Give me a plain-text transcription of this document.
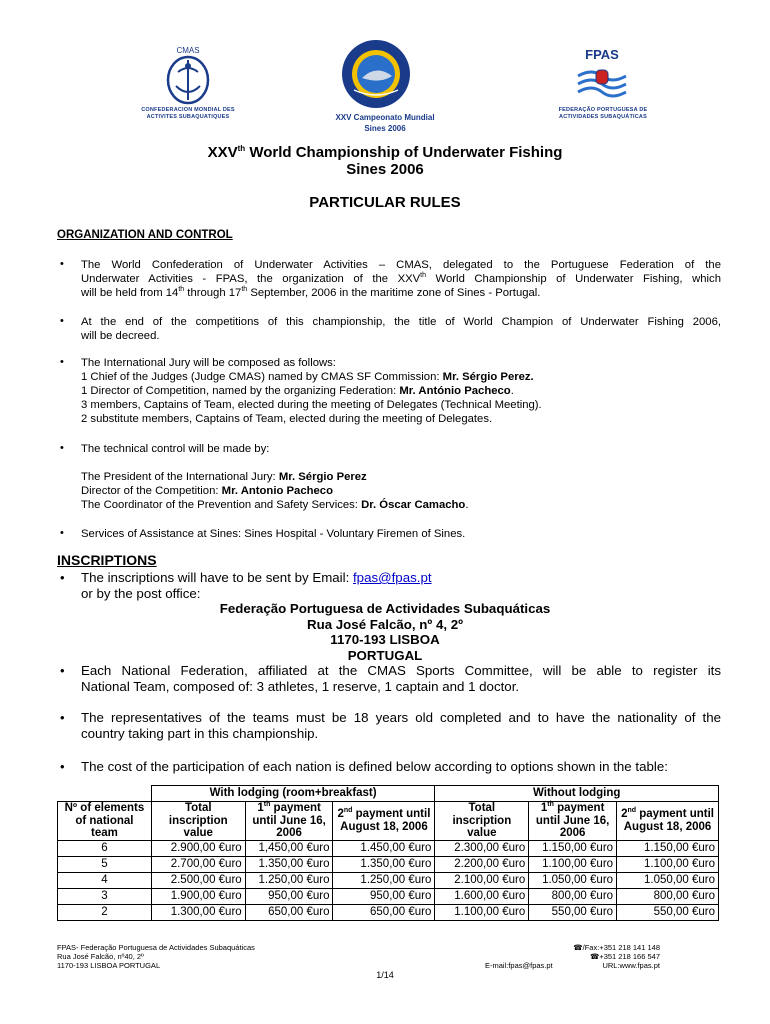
CMAS
CONFEDERACION MONDIAL DES
ACTIVITES SUBAQUATIQUES	XXV Campeonato Mundial
Sines 2006
FPAS
FEDERAÇÃO PORTUGUESA DE
ACTIVIDADES SUBAQUÁTICAS
XXVth World Championship of Underwater Fishing
Sines 2006
PARTICULAR RULES
ORGANIZATION AND CONTROL
• The World Confederation of Underwater Activities – CMAS, delegated to the Portuguese Federation of the
Underwater Activities - FPAS, the organization of the XXVth World Championship of Underwater Fishing, which
will be held from 14th through 17th September, 2006 in the maritime zone of Sines - Portugal.
• At the end of the competitions of this championship, the title of World Champion of Underwater Fishing 2006,
will be decreed.
• The International Jury will be composed as follows:
1 Chief of the Judges (Judge CMAS) named by CMAS SF Commission: Mr. Sérgio Perez.
1 Director of Competition, named by the organizing Federation: Mr. António Pacheco.
3 members, Captains of Team, elected during the meeting of Delegates (Technical Meeting).
2 substitute members, Captains of Team, elected during the meeting of Delegates.
• The technical control will be made by:
The President of the International Jury: Mr. Sérgio Perez
Director of the Competition: Mr. Antonio Pacheco
The Coordinator of the Prevention and Safety Services: Dr. Óscar Camacho.
• Services of Assistance at Sines: Sines Hospital - Voluntary Firemen of Sines.
INSCRIPTIONS
• The inscriptions will have to be sent by Email: fpas@fpas.pt
or by the post office:
Federação Portuguesa de Actividades Subaquáticas
Rua José Falcão, nº 4, 2º
1170-193 LISBOA
PORTUGAL
• Each National Federation, affiliated at the CMAS Sports Committee, will be able to register its
National Team, composed of: 3 athletes, 1 reserve, 1 captain and 1 doctor.
• The representatives of the teams must be 18 years old completed and to have the nationality of the
country taking part in this championship.
• The cost of the participation of each nation is defined below according to options shown in the table:
	With lodging (room+breakfast)			Without lodging		
Nº of elements of national team	Total inscription value	1th payment until June 16, 2006	2nd payment until August 18, 2006	Total inscription value	1th payment until June 16, 2006	2nd payment until August 18, 2006
6	2.900,00 €uro	1,450,00 €uro	1.450,00 €uro	2.300,00 €uro	1.150,00 €uro	1.150,00 €uro
5	2.700,00 €uro	1.350,00 €uro	1.350,00 €uro	2.200,00 €uro	1.100,00 €uro	1.100,00 €uro
4	2.500,00 €uro	1.250,00 €uro	1.250,00 €uro	2.100,00 €uro	1.050,00 €uro	1.050,00 €uro
3	1.900,00 €uro	950,00 €uro	950,00 €uro	1.600,00 €uro	800,00 €uro	800,00 €uro
2	1.300,00 €uro	650,00 €uro	650,00 €uro	1.100,00 €uro	550,00 €uro	550,00 €uro
FPAS- Federação Portuguesa de Actividades Subaquáticas
Rua José Falcão, nº40, 2º
1170-193 LISBOA PORTUGAL	E-mail:fpas@fpas.pt
☎/Fax:+351 218 141 148
☎+351 218 166 547
URL:www.fpas.pt
1/14
